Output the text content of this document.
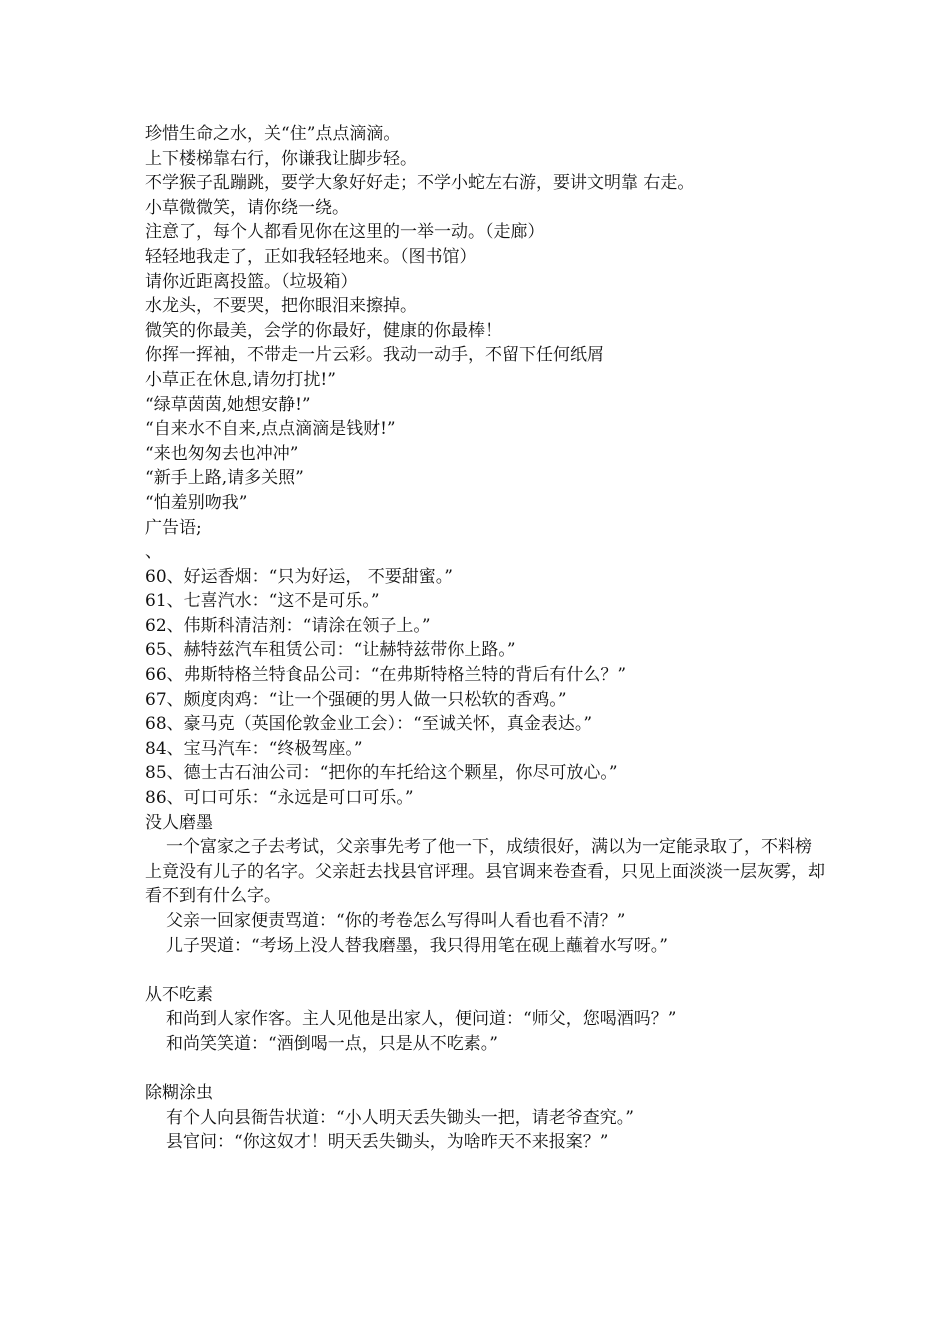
珍惜生命之水，关“住”点点滴滴。
上下楼梯靠右行，你谦我让脚步轻。
不学猴子乱蹦跳，要学大象好好走；不学小蛇左右游，要讲文明靠 右走。
小草微微笑，请你绕一绕。
注意了，每个人都看见你在这里的一举一动。（走廊）
轻轻地我走了，正如我轻轻地来。（图书馆）
请你近距离投篮。（垃圾箱）
水龙头，不要哭，把你眼泪来擦掉。
微笑的你最美，会学的你最好，健康的你最棒！
你挥一挥袖，不带走一片云彩。我动一动手，不留下任何纸屑
小草正在休息,请勿打扰!”
“绿草茵茵,她想安静!”
“自来水不自来,点点滴滴是钱财!”
“来也匆匆去也冲冲”
“新手上路,请多关照”
“怕羞别吻我”
广告语;
、
60、好运香烟：“只为好运， 不要甜蜜。”
61、七喜汽水：“这不是可乐。”
62、伟斯科清洁剂：“请涂在领子上。”
65、赫特兹汽车租赁公司：“让赫特兹带你上路。”
66、弗斯特格兰特食品公司：“在弗斯特格兰特的背后有什么？”
67、颇度肉鸡：“让一个强硬的男人做一只松软的香鸡。”
68、豪马克（英国伦敦金业工会）：“至诚关怀，真金表达。”
84、宝马汽车：“终极驾座。”
85、德士古石油公司：“把你的车托给这个颗星，你尽可放心。”
86、可口可乐：“永远是可口可乐。”
没人磨墨
一个富家之子去考试，父亲事先考了他一下，成绩很好，满以为一定能录取了，不料榜
上竟没有儿子的名字。父亲赶去找县官评理。县官调来卷查看，只见上面淡淡一层灰雾，却
看不到有什么字。
父亲一回家便责骂道：“你的考卷怎么写得叫人看也看不清？”
儿子哭道：“考场上没人替我磨墨，我只得用笔在砚上蘸着水写呀。”
从不吃素
和尚到人家作客。主人见他是出家人，便问道：“师父，您喝酒吗？”
和尚笑笑道：“酒倒喝一点，只是从不吃素。”
除糊涂虫
有个人向县衙告状道：“小人明天丢失锄头一把，请老爷查究。”
县官问：“你这奴才！明天丢失锄头，为啥昨天不来报案？”
